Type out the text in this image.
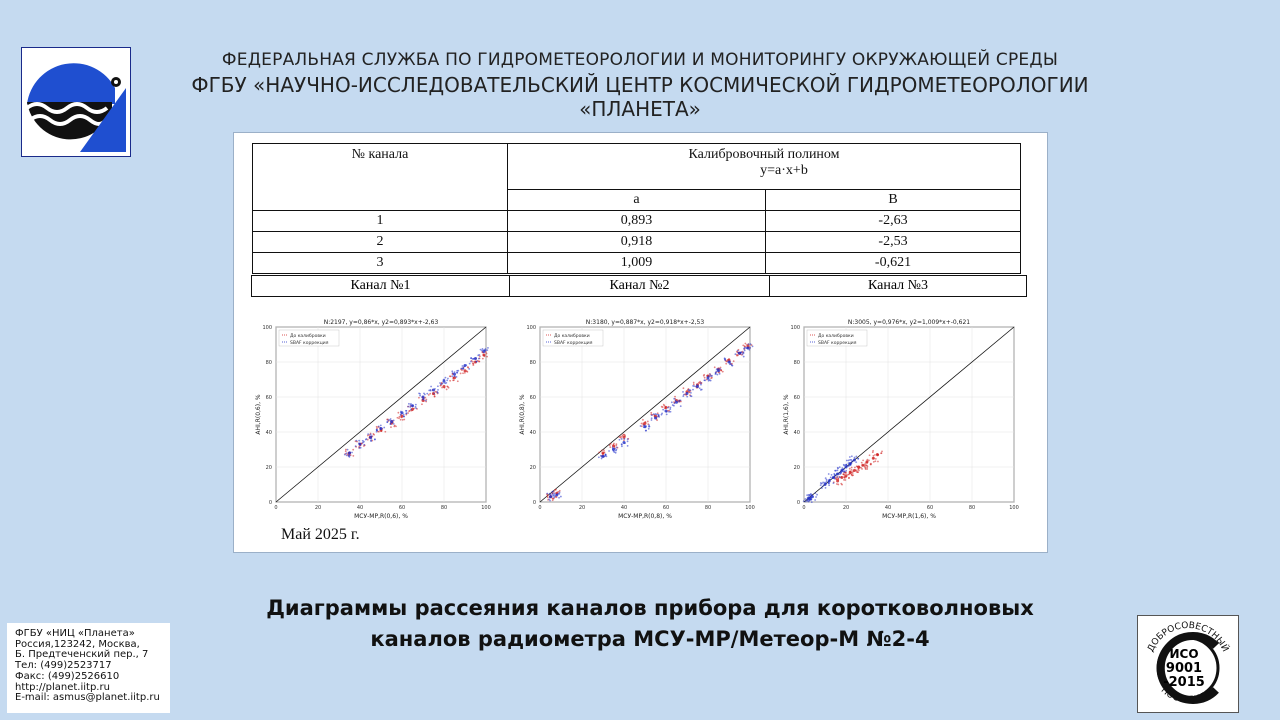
ФЕДЕРАЛЬНАЯ СЛУЖБА ПО ГИДРОМЕТЕОРОЛОГИИ И МОНИТОРИНГУ ОКРУЖАЮЩЕЙ СРЕДЫ
ФГБУ «НАУЧНО-ИССЛЕДОВАТЕЛЬСКИЙ ЦЕНТР КОСМИЧЕСКОЙ ГИДРОМЕТЕОРОЛОГИИ «ПЛАНЕТА»
№ канала	Калибровочный полином
y=a·x+b	

	а	В
1	0,893	-2,63
2	0,918	-2,53
3	1,009	-0,621
Канал №1	Канал №2	Канал №3
N:2197, y=0,86*x, y2=0,893*x+-2,63
0	20	40	60	80	100
0
20
40
60
80
100
До калибровки
SBAF коррекция
МСУ-МР,R(0,6), %
AHI,R(0,6), %
N:3180, y=0,887*x, y2=0,918*x+-2,53
0	20	40	60	80	100
0
20
40
60
80
100
До калибровки
SBAF коррекция
МСУ-МР,R(0,8), %
AHI,R(0,8), %
N:3005, y=0,976*x, y2=1,009*x+-0,621
0	20	40	60	80	100
0
20
40
60
80
100
До калибровки
SBAF коррекция
МСУ-МР,R(1,6), %
AHI,R(1,6), %
Май 2025 г.
Диаграммы рассеяния каналов прибора для коротковолновых
каналов радиометра МСУ-МР/Метеор-М №2-4
ФГБУ «НИЦ «Планета»
Россия,123242, Москва,
Б. Предтеченский пер., 7
Тел: (499)2523717
Факс: (499)2526610
http://planet.iitp.ru
E-mail: asmus@planet.iitp.ru
ДОБРОСОВЕСТНЫЙ
ПОСТАВЩИК
ИСО
9001
-2015
